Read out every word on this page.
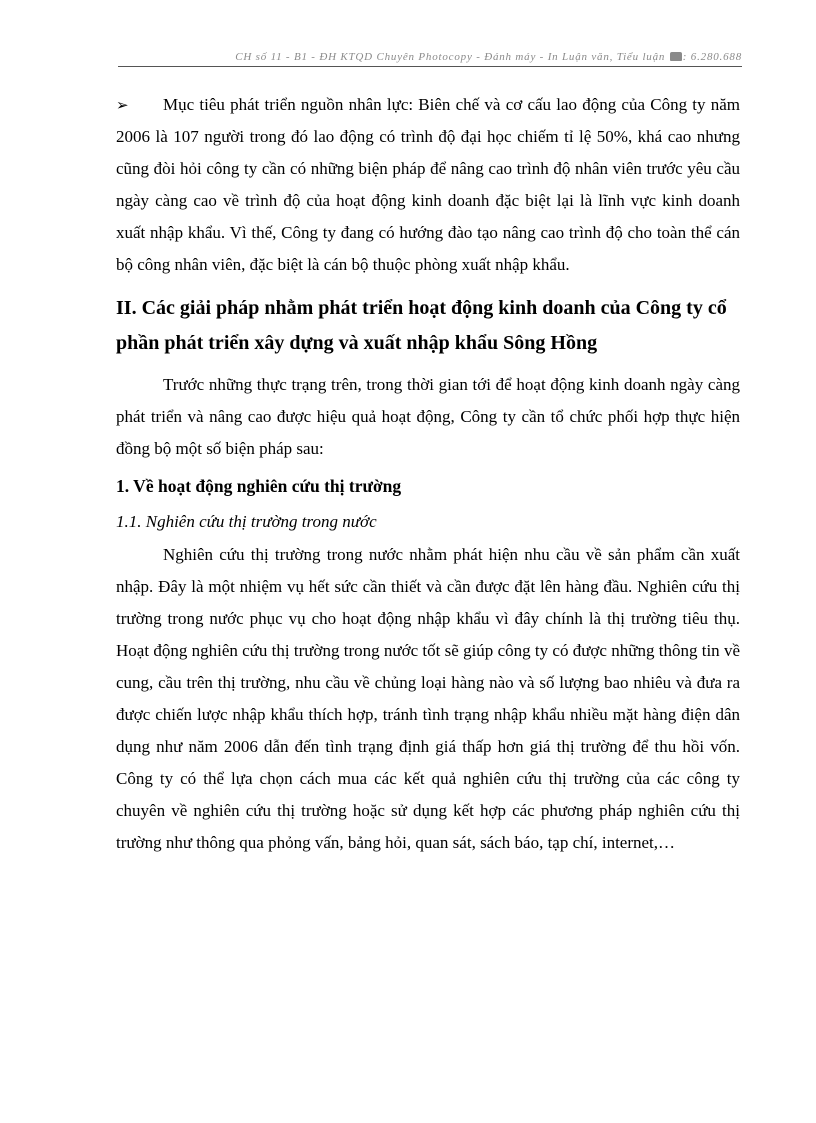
CH số 11 - B1 - ĐH KTQD Chuyên Photocopy - Đánh máy - In Luận văn, Tiểu luận : 6.280.688

➢ Mục tiêu phát triển nguồn nhân lực: Biên chế và cơ cấu lao động của Công ty năm 2006 là 107 người trong đó lao động có trình độ đại học chiếm tỉ lệ 50%, khá cao nhưng cũng đòi hỏi công ty cần có những biện pháp để nâng cao trình độ nhân viên trước yêu cầu ngày càng cao về trình độ của hoạt động kinh doanh đặc biệt lại là lĩnh vực kinh doanh xuất nhập khẩu. Vì thế, Công ty đang có hướng đào tạo nâng cao trình độ cho toàn thể cán bộ công nhân viên, đặc biệt là cán bộ thuộc phòng xuất nhập khẩu.

II. Các giải pháp nhằm phát triển hoạt động kinh doanh của Công ty cổ phần phát triển xây dựng và xuất nhập khẩu Sông Hồng

Trước những thực trạng trên, trong thời gian tới để hoạt động kinh doanh ngày càng phát triển và nâng cao được hiệu quả hoạt động, Công ty cần tổ chức phối hợp thực hiện đồng bộ một số biện pháp sau:

1. Về hoạt động nghiên cứu thị trường
1.1. Nghiên cứu thị trường trong nước

Nghiên cứu thị trường trong nước nhằm phát hiện nhu cầu về sản phẩm cần xuất nhập. Đây là một nhiệm vụ hết sức cần thiết và cần được đặt lên hàng đầu. Nghiên cứu thị trường trong nước phục vụ cho hoạt động nhập khẩu vì đây chính là thị trường tiêu thụ. Hoạt động nghiên cứu thị trường trong nước tốt sẽ giúp công ty có được những thông tin về cung, cầu trên thị trường, nhu cầu về chủng loại hàng nào và số lượng bao nhiêu và đưa ra được chiến lược nhập khẩu thích hợp, tránh tình trạng nhập khẩu nhiều mặt hàng điện dân dụng như năm 2006 dẫn đến tình trạng định giá thấp hơn giá thị trường để thu hồi vốn. Công ty có thể lựa chọn cách mua các kết quả nghiên cứu thị trường của các công ty chuyên về nghiên cứu thị trường hoặc sử dụng kết hợp các phương pháp nghiên cứu thị trường như thông qua phỏng vấn, bảng hỏi, quan sát, sách báo, tạp chí, internet,…
